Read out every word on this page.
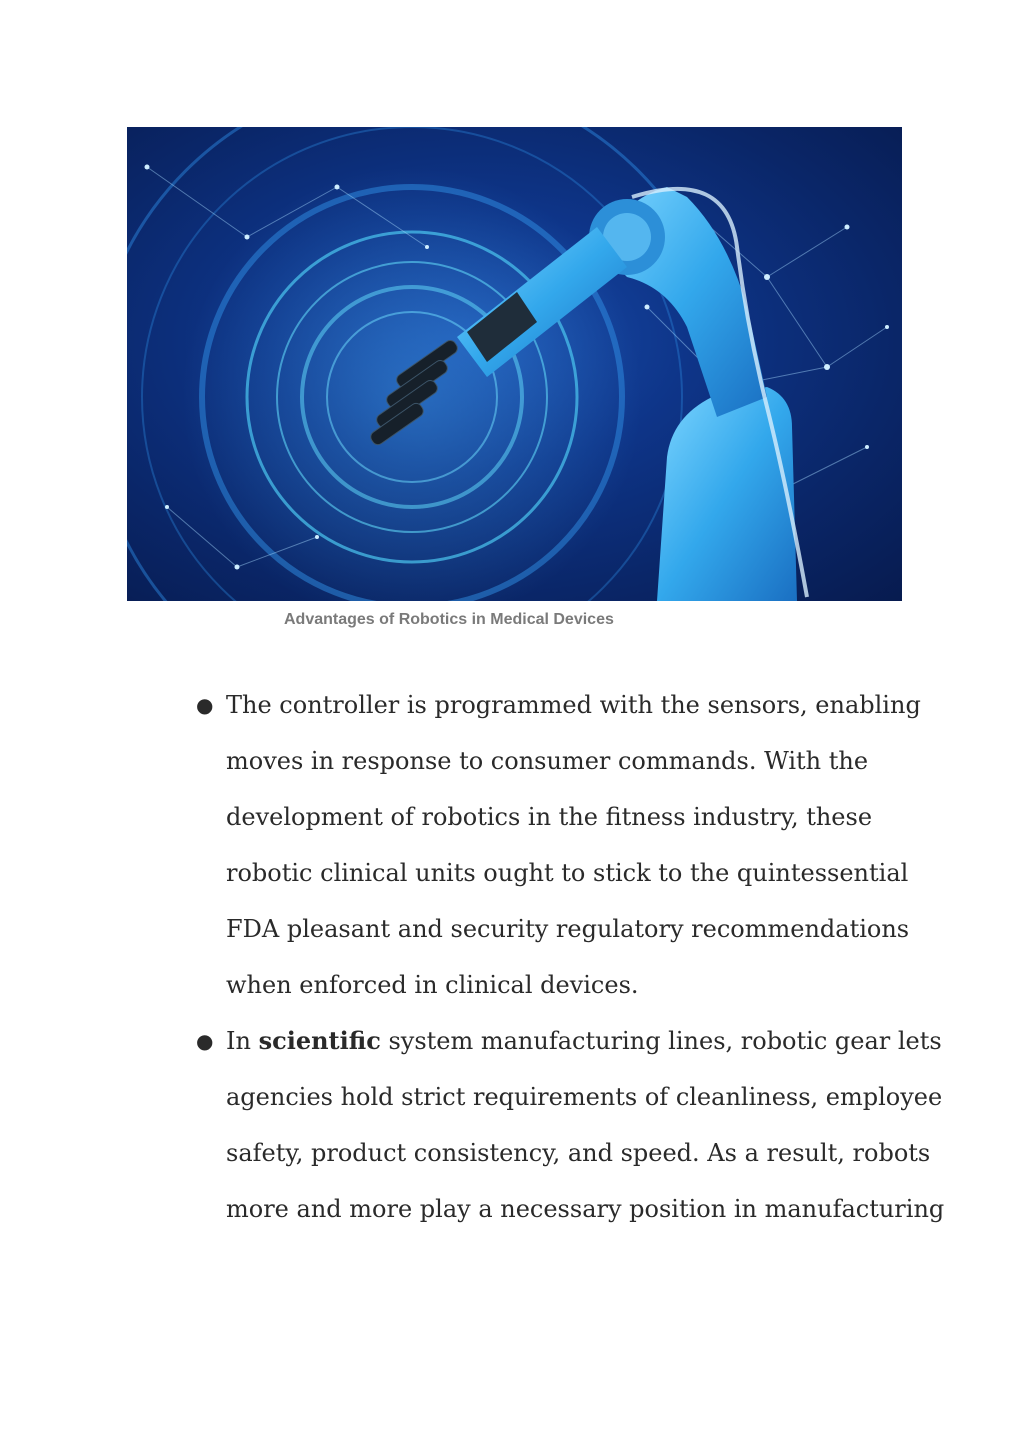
Advantages of Robotics in Medical Devices
● The controller is programmed with the sensors, enabling
moves in response to consumer commands. With the
development of robotics in the fitness industry, these
robotic clinical units ought to stick to the quintessential
FDA pleasant and security regulatory recommendations
when enforced in clinical devices.
● In scientific system manufacturing lines, robotic gear lets
agencies hold strict requirements of cleanliness, employee
safety, product consistency, and speed. As a result, robots
more and more play a necessary position in manufacturing
